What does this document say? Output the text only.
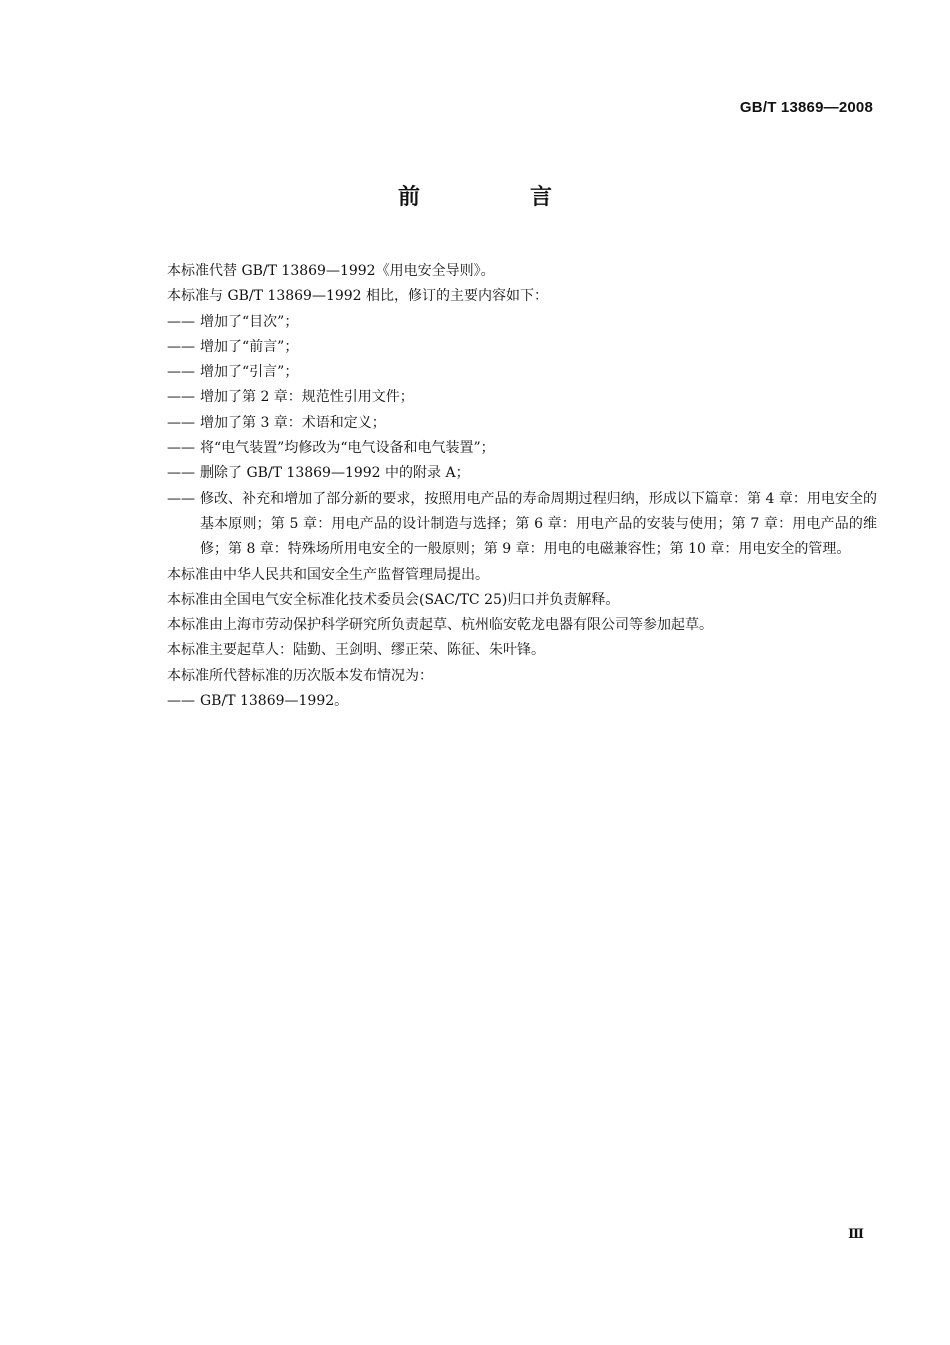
GB/T 13869—2008
前　言
本标准代替 GB/T 13869—1992《用电安全导则》。
本标准与 GB/T 13869—1992 相比，修订的主要内容如下：
—— 增加了“目次”；
—— 增加了“前言”；
—— 增加了“引言”；
—— 增加了第 2 章：规范性引用文件；
—— 增加了第 3 章：术语和定义；
—— 将“电气装置”均修改为“电气设备和电气装置”；
—— 删除了 GB/T 13869—1992 中的附录 A；
—— 修改、补充和增加了部分新的要求，按照用电产品的寿命周期过程归纳，形成以下篇章：第 4 章：用电安全的基本原则；第 5 章：用电产品的设计制造与选择；第 6 章：用电产品的安装与使用；第 7 章：用电产品的维修；第 8 章：特殊场所用电安全的一般原则；第 9 章：用电的电磁兼容性；第 10 章：用电安全的管理。
本标准由中华人民共和国安全生产监督管理局提出。
本标准由全国电气安全标准化技术委员会(SAC/TC 25)归口并负责解释。
本标准由上海市劳动保护科学研究所负责起草、杭州临安乾龙电器有限公司等参加起草。
本标准主要起草人：陆勤、王剑明、缪正荣、陈征、朱叶锋。
本标准所代替标准的历次版本发布情况为：
—— GB/T 13869—1992。
Ⅲ
